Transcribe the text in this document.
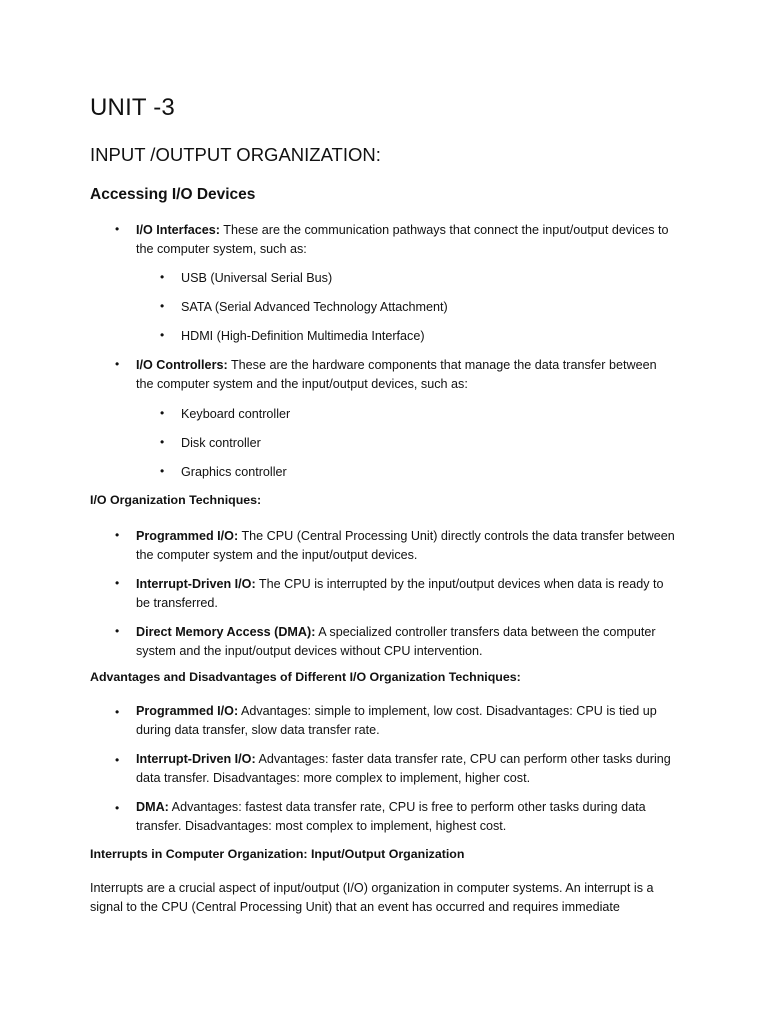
UNIT -3
INPUT /OUTPUT ORGANIZATION:
Accessing I/O Devices
• I/O Interfaces: These are the communication pathways that connect the input/output devices to the computer system, such as:
• USB (Universal Serial Bus)
• SATA (Serial Advanced Technology Attachment)
• HDMI (High-Definition Multimedia Interface)
• I/O Controllers: These are the hardware components that manage the data transfer between the computer system and the input/output devices, such as:
• Keyboard controller
• Disk controller
• Graphics controller
I/O Organization Techniques:
• Programmed I/O: The CPU (Central Processing Unit) directly controls the data transfer between the computer system and the input/output devices.
• Interrupt-Driven I/O: The CPU is interrupted by the input/output devices when data is ready to be transferred.
• Direct Memory Access (DMA): A specialized controller transfers data between the computer system and the input/output devices without CPU intervention.
Advantages and Disadvantages of Different I/O Organization Techniques:
• Programmed I/O: Advantages: simple to implement, low cost. Disadvantages: CPU is tied up during data transfer, slow data transfer rate.
• Interrupt-Driven I/O: Advantages: faster data transfer rate, CPU can perform other tasks during data transfer. Disadvantages: more complex to implement, higher cost.
• DMA: Advantages: fastest data transfer rate, CPU is free to perform other tasks during data transfer. Disadvantages: most complex to implement, highest cost.
Interrupts in Computer Organization: Input/Output Organization
Interrupts are a crucial aspect of input/output (I/O) organization in computer systems. An interrupt is a signal to the CPU (Central Processing Unit) that an event has occurred and requires immediate
